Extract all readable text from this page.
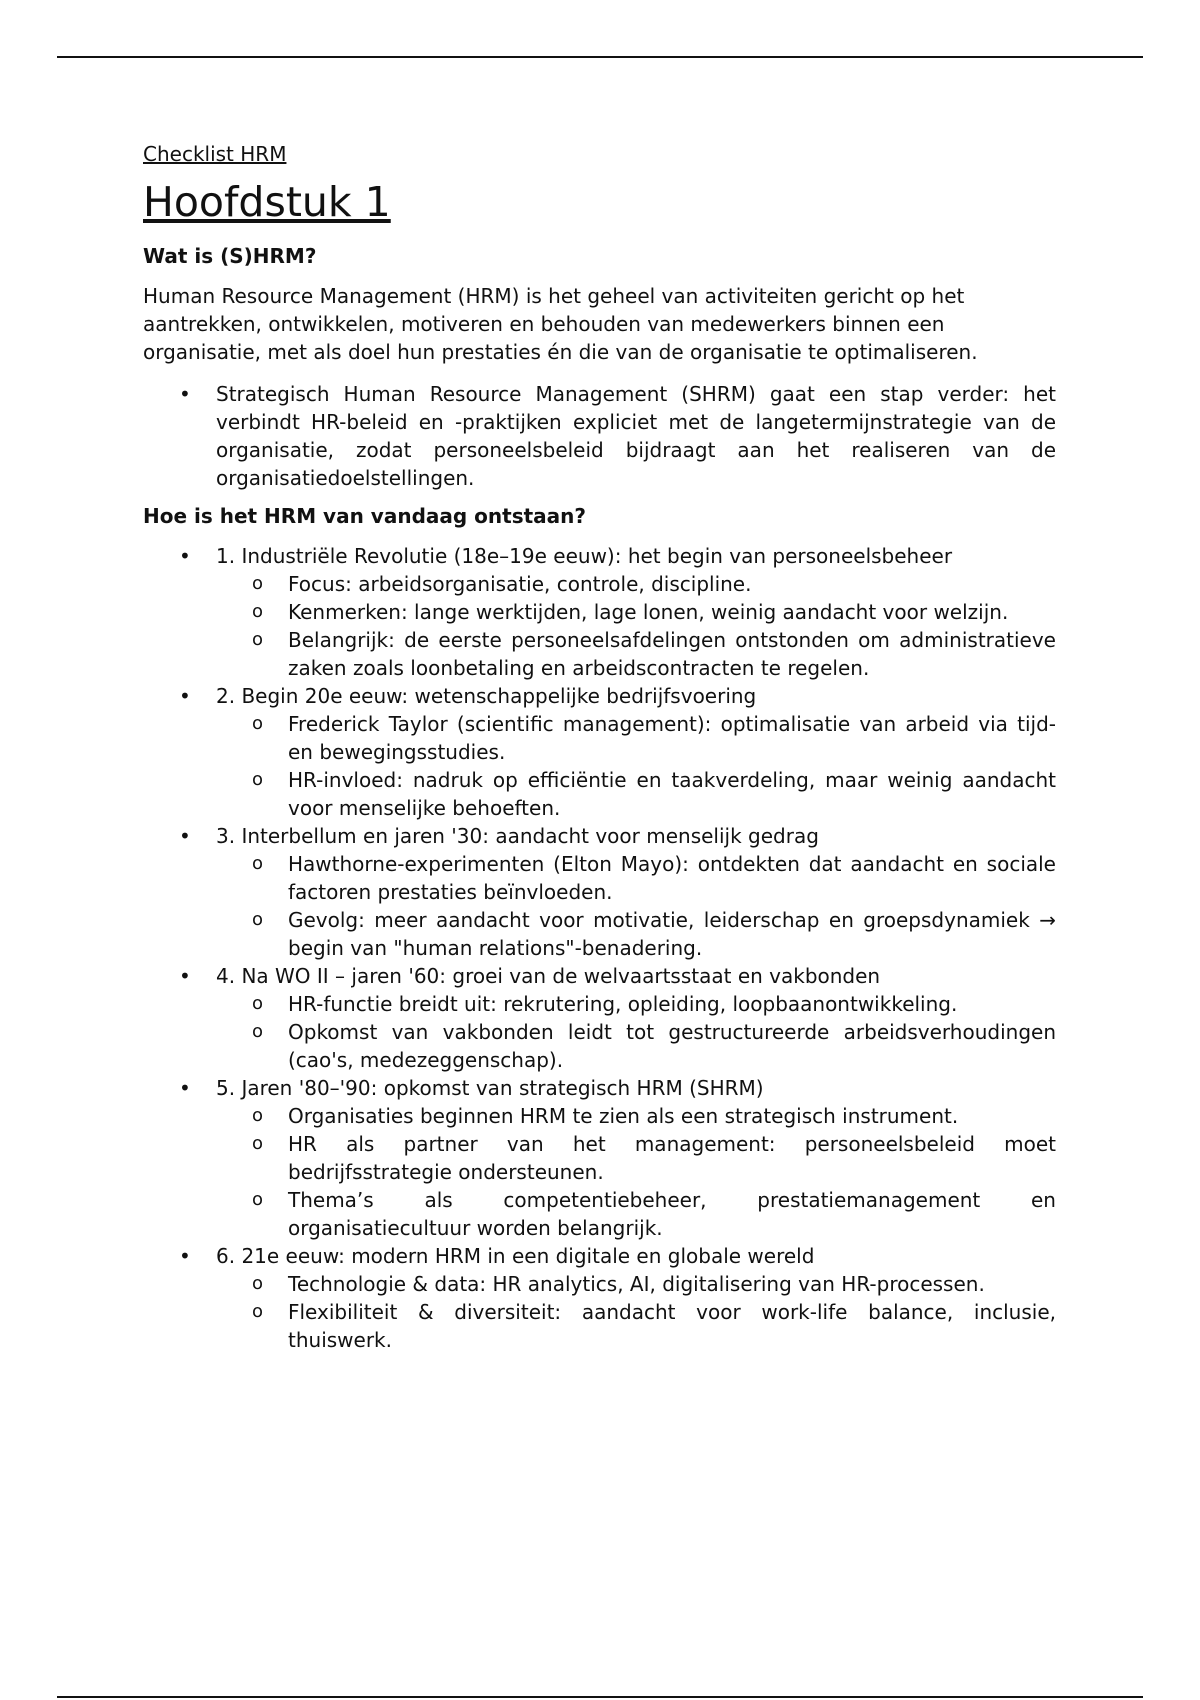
Checklist HRM

Hoofdstuk 1
Wat is (S)HRM?

Human Resource Management (HRM) is het geheel van activiteiten gericht op het aantrekken, ontwikkelen, motiveren en behouden van medewerkers binnen een organisatie, met als doel hun prestaties én die van de organisatie te optimaliseren.

• Strategisch Human Resource Management (SHRM) gaat een stap verder: het verbindt HR-beleid en -praktijken expliciet met de langetermijnstrategie van de organisatie, zodat personeelsbeleid bijdraagt aan het realiseren van de organisatiedoelstellingen.
Hoe is het HRM van vandaag ontstaan?
• 1. Industriële Revolutie (18e–19e eeuw): het begin van personeelsbeheer
o Focus: arbeidsorganisatie, controle, discipline.
o Kenmerken: lange werktijden, lage lonen, weinig aandacht voor welzijn.
o Belangrijk: de eerste personeelsafdelingen ontstonden om administratieve zaken zoals loonbetaling en arbeidscontracten te regelen.
• 2. Begin 20e eeuw: wetenschappelijke bedrijfsvoering
o Frederick Taylor (scientific management): optimalisatie van arbeid via tijd- en bewegingsstudies.
o HR-invloed: nadruk op efficiëntie en taakverdeling, maar weinig aandacht voor menselijke behoeften.
• 3. Interbellum en jaren '30: aandacht voor menselijk gedrag
o Hawthorne-experimenten (Elton Mayo): ontdekten dat aandacht en sociale factoren prestaties beïnvloeden.
o Gevolg: meer aandacht voor motivatie, leiderschap en groepsdynamiek → begin van "human relations"-benadering.
• 4. Na WO II – jaren '60: groei van de welvaartsstaat en vakbonden
o HR-functie breidt uit: rekrutering, opleiding, loopbaanontwikkeling.
o Opkomst van vakbonden leidt tot gestructureerde arbeidsverhoudingen (cao's, medezeggenschap).
• 5. Jaren '80–'90: opkomst van strategisch HRM (SHRM)
o Organisaties beginnen HRM te zien als een strategisch instrument.
o HR als partner van het management: personeelsbeleid moet bedrijfsstrategie ondersteunen.
o Thema’s als competentiebeheer, prestatiemanagement en organisatiecultuur worden belangrijk.
• 6. 21e eeuw: modern HRM in een digitale en globale wereld
o Technologie & data: HR analytics, AI, digitalisering van HR-processen.
o Flexibiliteit & diversiteit: aandacht voor work-life balance, inclusie, thuiswerk.
